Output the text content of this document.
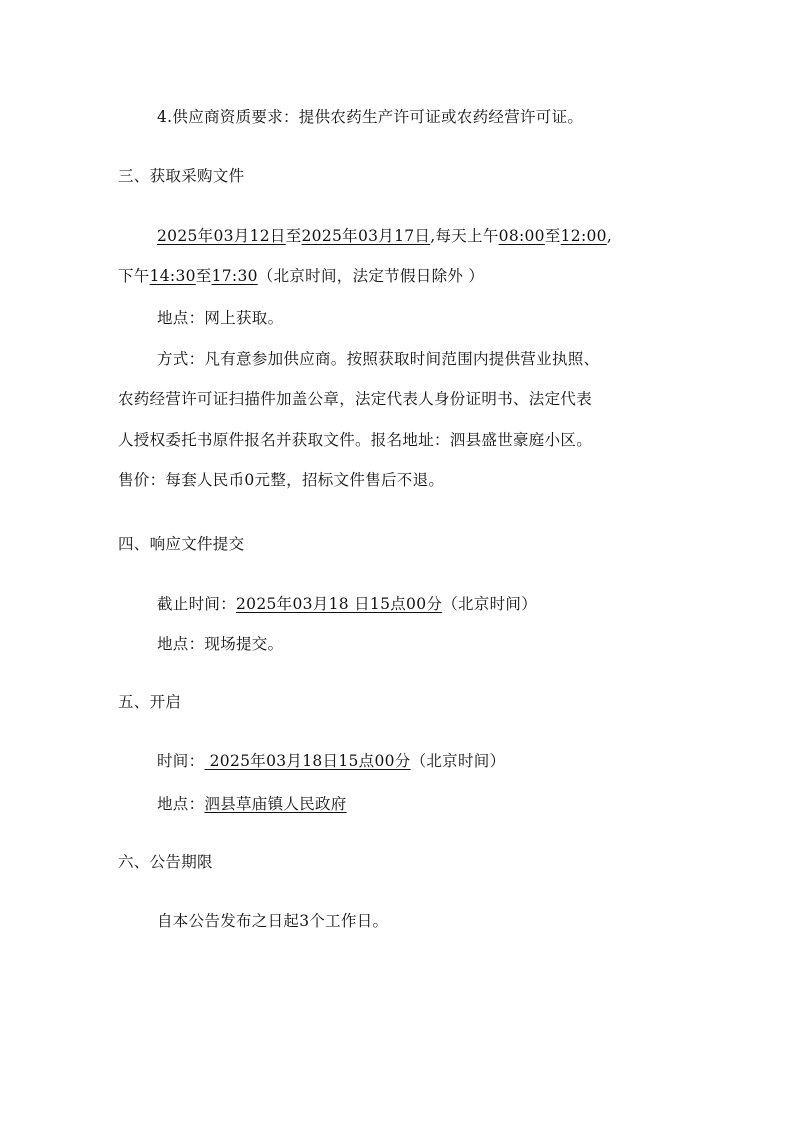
4.供应商资质要求：提供农药生产许可证或农药经营许可证。
三、获取采购文件
2025年03月12日至2025年03月17日,每天上午08:00至12:00,
下午14:30至17:30（北京时间，法定节假日除外 ）
地点：网上获取。
方式：凡有意参加供应商。按照获取时间范围内提供营业执照、
农药经营许可证扫描件加盖公章，法定代表人身份证明书、法定代表
人授权委托书原件报名并获取文件。报名地址：泗县盛世豪庭小区。
售价：每套人民币0元整，招标文件售后不退。
四、响应文件提交
截止时间：2025年03月18 日15点00分（北京时间）
地点：现场提交。
五、开启
时间： 2025年03月18日15点00分（北京时间）
地点：泗县草庙镇人民政府
六、公告期限
自本公告发布之日起3个工作日。
